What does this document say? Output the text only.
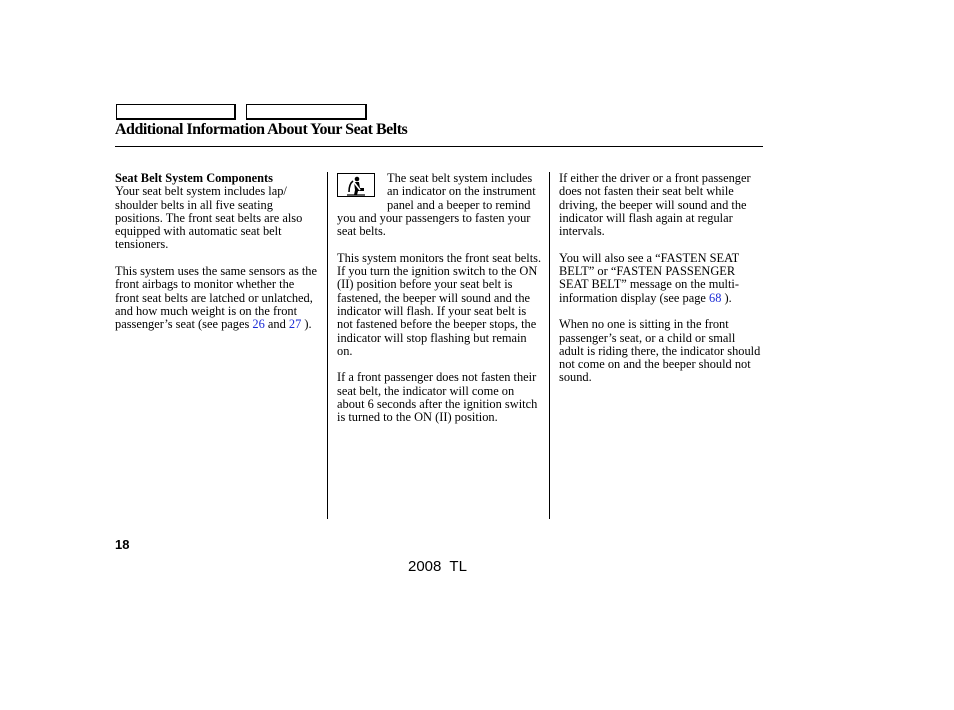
Additional Information About Your Seat Belts

Seat Belt System Components
Your seat belt system includes lap/ shoulder belts in all five seating positions. The front seat belts are also equipped with automatic seat belt tensioners.

This system uses the same sensors as the front airbags to monitor whether the front seat belts are latched or unlatched, and how much weight is on the front passenger’s seat (see pages 26 and 27 ).

The seat belt system includes an indicator on the instrument panel and a beeper to remind you and your passengers to fasten your seat belts.

This system monitors the front seat belts. If you turn the ignition switch to the ON (II) position before your seat belt is fastened, the beeper will sound and the indicator will flash. If your seat belt is not fastened before the beeper stops, the indicator will stop flashing but remain on.

If a front passenger does not fasten their seat belt, the indicator will come on about 6 seconds after the ignition switch is turned to the ON (II) position.

If either the driver or a front passenger does not fasten their seat belt while driving, the beeper will sound and the indicator will flash again at regular intervals.

You will also see a “FASTEN SEAT BELT” or “FASTEN PASSENGER SEAT BELT” message on the multi-information display (see page 68 ).

When no one is sitting in the front passenger’s seat, or a child or small adult is riding there, the indicator should not come on and the beeper should not sound.

18
2008  TL
